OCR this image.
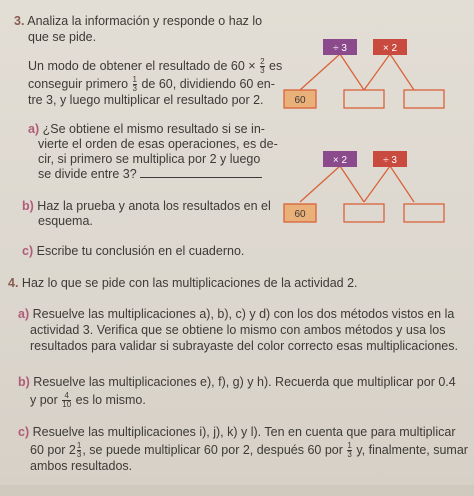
3. Analiza la información y responde o haz lo
que se pide.
Un modo de obtener el resultado de $60 \times \frac{2}{3}$ es
conseguir primero $\frac{1}{3}$ de 60, dividiendo 60 en-
tre 3, y luego multiplicar el resultado por 2.
a) ¿Se obtiene el mismo resultado si se in-
vierte el orden de esas operaciones, es de-
cir, si primero se multiplica por 2 y luego
se divide entre 3?
b) Haz la prueba y anota los resultados en el
esquema.
c) Escribe tu conclusión en el cuaderno.
÷ 3	× 2
60
× 2	÷ 3
60
4. Haz lo que se pide con las multiplicaciones de la actividad 2.
a) Resuelve las multiplicaciones a), b), c) y d) con los dos métodos vistos en la
actividad 3. Verifica que se obtiene lo mismo con ambos métodos y usa los
resultados para validar si subrayaste del color correcto esas multiplicaciones.
b) Resuelve las multiplicaciones e), f), g) y h). Recuerda que multiplicar por 0.4
y por $\frac{4}{10}$ es lo mismo.
c) Resuelve las multiplicaciones i), j), k) y l). Ten en cuenta que para multiplicar
60 por $2 \frac{1}{3}$ , se puede multiplicar 60 por 2, después 60 por $\frac{1}{3} y$, finalmente, sumar
ambos resultados.
